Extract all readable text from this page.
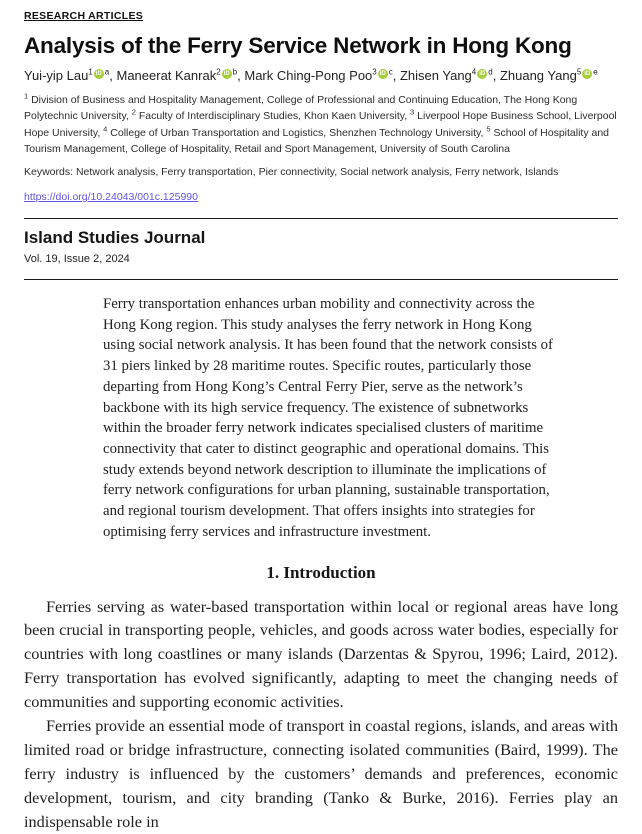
RESEARCH ARTICLES
Analysis of the Ferry Service Network in Hong Kong
Yui-yip Lau$^1$ iD $^a$, Maneerat Kanrak$^2$ iD $^b$, Mark Ching-Pong Poo$^3$ iD $^c$, Zhisen Yang$^4$ iD $^d$, Zhuang Yang$^5$ iD $^e$

$^1$ Division of Business and Hospitality Management, College of Professional and Continuing Education, The Hong Kong Polytechnic University, $^2$ Faculty of Interdisciplinary Studies, Khon Kaen University, $^3$ Liverpool Hope Business School, Liverpool Hope University, $^4$ College of Urban Transportation and Logistics, Shenzhen Technology University, $^5$ School of Hospitality and Tourism Management, College of Hospitality, Retail and Sport Management, University of South Carolina

Keywords: Network analysis, Ferry transportation, Pier connectivity, Social network analysis, Ferry network, Islands

https://doi.org/10.24043/001c.125990
Island Studies Journal
Vol. 19, Issue 2, 2024
Ferry transportation enhances urban mobility and connectivity across the Hong Kong region. This study analyses the ferry network in Hong Kong using social network analysis. It has been found that the network consists of 31 piers linked by 28 maritime routes. Specific routes, particularly those departing from Hong Kong’s Central Ferry Pier, serve as the network’s backbone with its high service frequency. The existence of subnetworks within the broader ferry network indicates specialised clusters of maritime connectivity that cater to distinct geographic and operational domains. This study extends beyond network description to illuminate the implications of ferry network configurations for urban planning, sustainable transportation, and regional tourism development. That offers insights into strategies for optimising ferry services and infrastructure investment.
1. Introduction

Ferries serving as water-based transportation within local or regional areas have long been crucial in transporting people, vehicles, and goods across water bodies, especially for countries with long coastlines or many islands (Darzentas & Spyrou, 1996; Laird, 2012). Ferry transportation has evolved significantly, adapting to meet the changing needs of communities and supporting economic activities.

Ferries provide an essential mode of transport in coastal regions, islands, and areas with limited road or bridge infrastructure, connecting isolated communities (Baird, 1999). The ferry industry is influenced by the customers’ demands and preferences, economic development, tourism, and city branding (Tanko & Burke, 2016). Ferries play an indispensable role in
